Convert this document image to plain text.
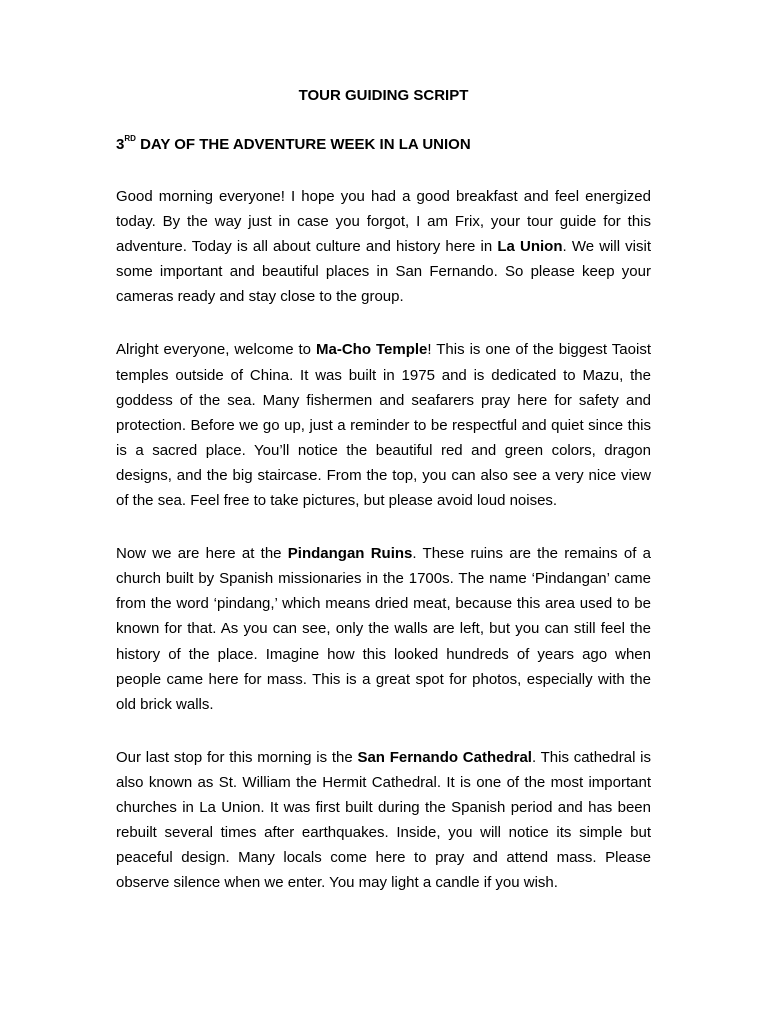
TOUR GUIDING SCRIPT

3RD DAY OF THE ADVENTURE WEEK IN LA UNION

Good morning everyone! I hope you had a good breakfast and feel energized today. By the way just in case you forgot, I am Frix, your tour guide for this adventure. Today is all about culture and history here in La Union. We will visit some important and beautiful places in San Fernando. So please keep your cameras ready and stay close to the group.

Alright everyone, welcome to Ma-Cho Temple! This is one of the biggest Taoist temples outside of China. It was built in 1975 and is dedicated to Mazu, the goddess of the sea. Many fishermen and seafarers pray here for safety and protection. Before we go up, just a reminder to be respectful and quiet since this is a sacred place. You’ll notice the beautiful red and green colors, dragon designs, and the big staircase. From the top, you can also see a very nice view of the sea. Feel free to take pictures, but please avoid loud noises.

Now we are here at the Pindangan Ruins. These ruins are the remains of a church built by Spanish missionaries in the 1700s. The name ‘Pindangan’ came from the word ‘pindang,’ which means dried meat, because this area used to be known for that. As you can see, only the walls are left, but you can still feel the history of the place. Imagine how this looked hundreds of years ago when people came here for mass. This is a great spot for photos, especially with the old brick walls.

Our last stop for this morning is the San Fernando Cathedral. This cathedral is also known as St. William the Hermit Cathedral. It is one of the most important churches in La Union. It was first built during the Spanish period and has been rebuilt several times after earthquakes. Inside, you will notice its simple but peaceful design. Many locals come here to pray and attend mass. Please observe silence when we enter. You may light a candle if you wish.
